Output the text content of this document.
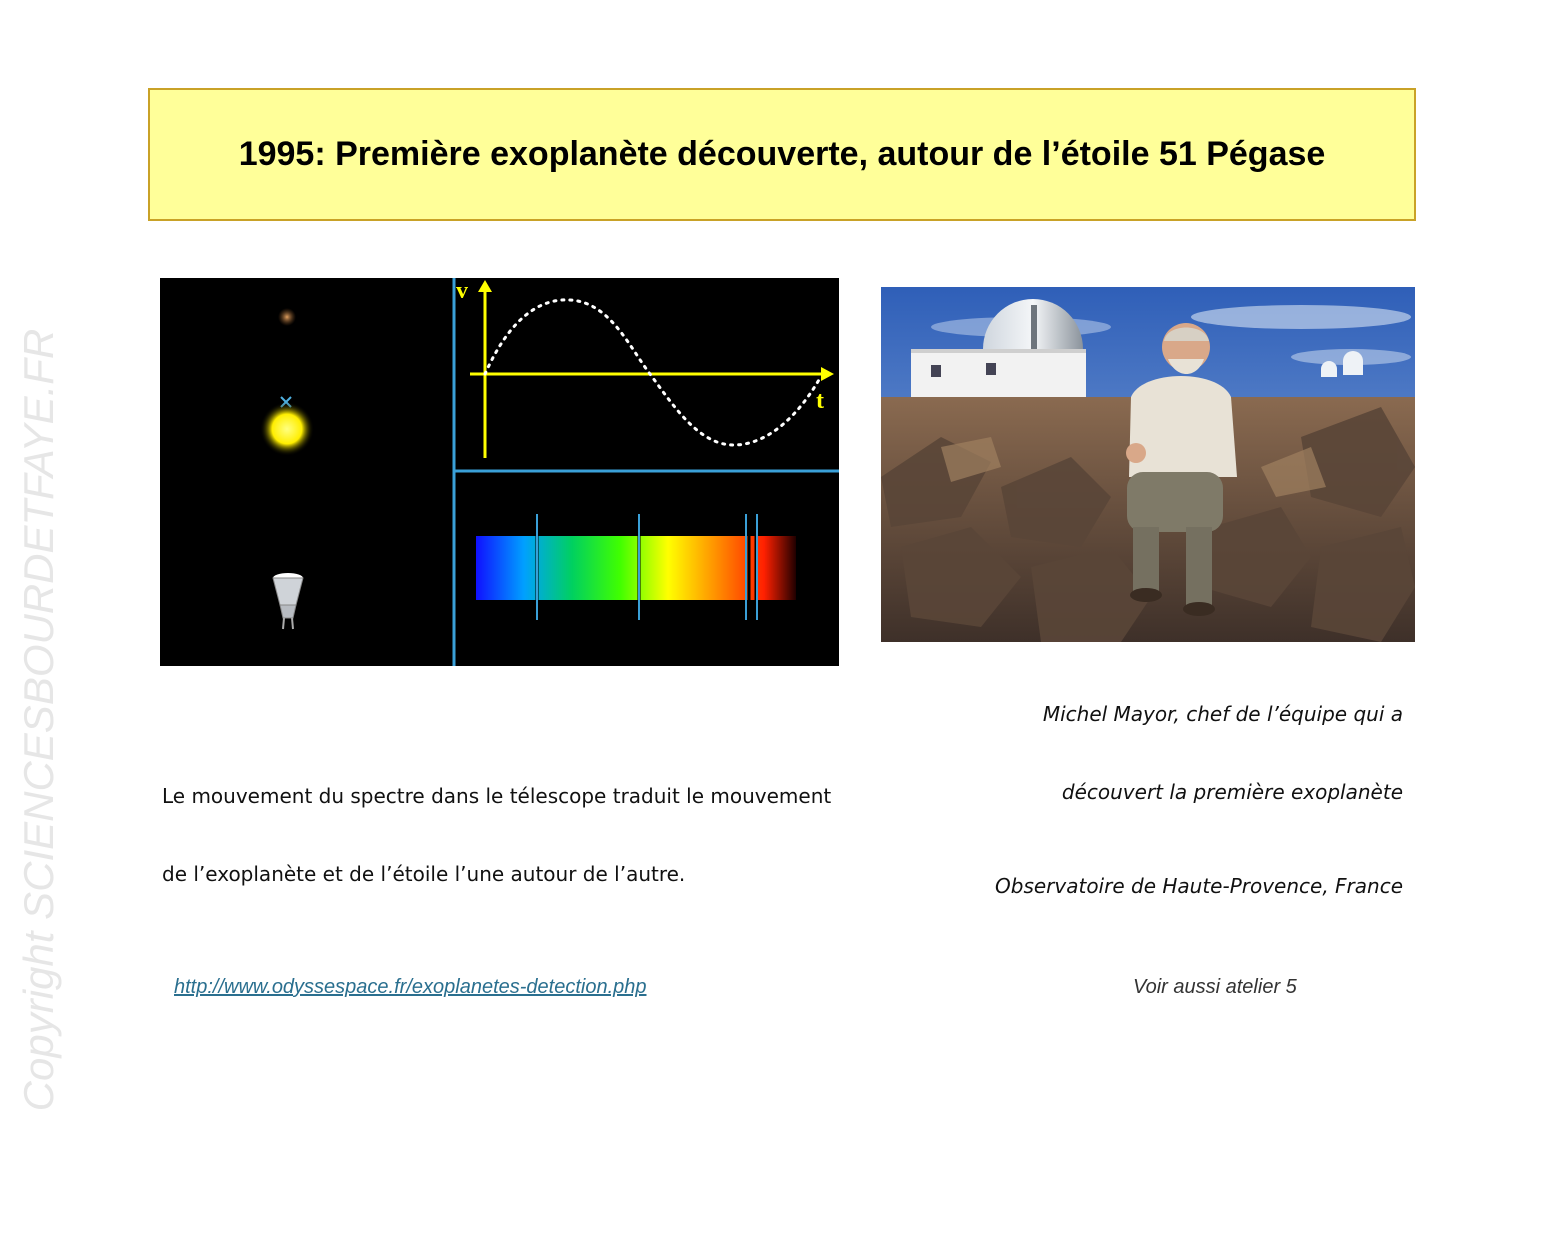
Copyright SCIENCESBOURDETFAYE.FR
1995: Première exoplanète découverte, autour de l’étoile 51 Pégase
v
t
Le mouvement du spectre dans le télescope traduit le mouvement
de l’exoplanète et de l’étoile l’une autour de l’autre.
Michel Mayor, chef de l’équipe qui a
découvert la première exoplanète
Observatoire de Haute-Provence, France
http://www.odyssespace.fr/exoplanetes-detection.php	Voir aussi atelier 5
